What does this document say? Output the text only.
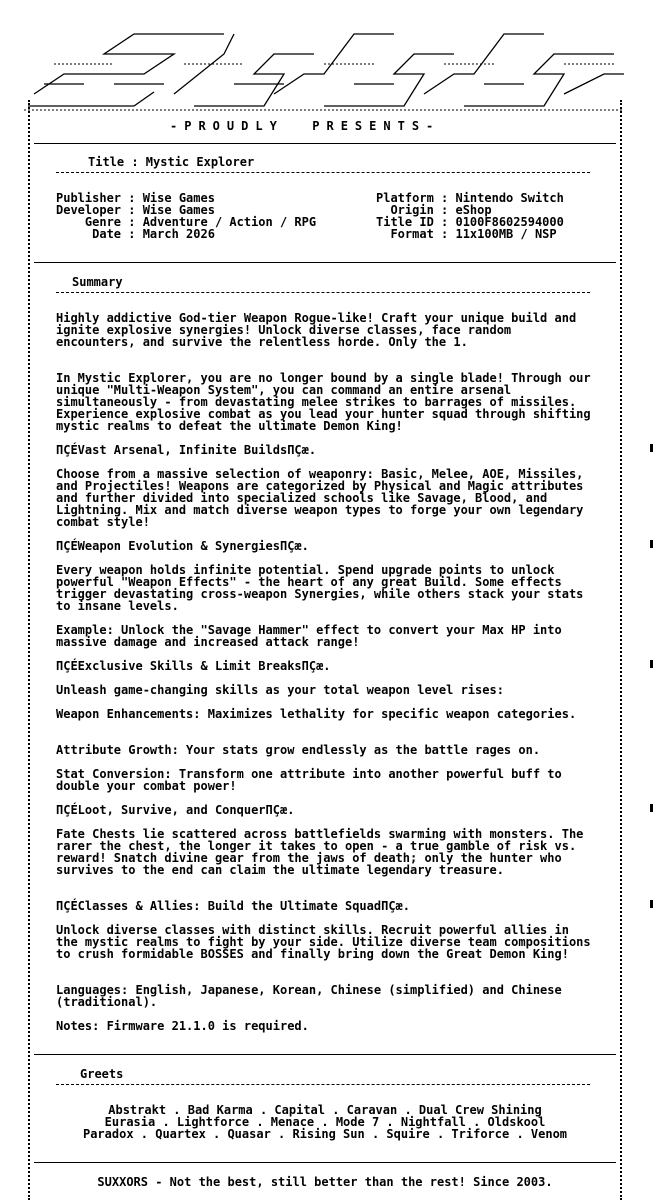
-PROUDLY  PRESENTS-
Title : Mystic Explorer
Publisher : Wise Games
Developer : Wise Games
Genre : Adventure / Action / RPG
Date : March 2026
Platform : Nintendo Switch
Origin : eShop
Title ID : 0100F8602594000
Format : 11x100MB / NSP
Summary
Highly addictive God-tier Weapon Rogue-like! Craft your unique build and ignite explosive synergies! Unlock diverse classes, face random encounters, and survive the relentless horde. Only the 1.
In Mystic Explorer, you are no longer bound by a single blade! Through our unique "Multi-Weapon System", you can command an entire arsenal simultaneously - from devastating melee strikes to barrages of missiles. Experience explosive combat as you lead your hunter squad through shifting mystic realms to defeat the ultimate Demon King!
ΠÇÉVast Arsenal, Infinite BuildsΠÇæ.
Choose from a massive selection of weaponry: Basic, Melee, AOE, Missiles, and Projectiles! Weapons are categorized by Physical and Magic attributes and further divided into specialized schools like Savage, Blood, and Lightning. Mix and match diverse weapon types to forge your own legendary combat style!
ΠÇÉWeapon Evolution & SynergiesΠÇæ.
Every weapon holds infinite potential. Spend upgrade points to unlock powerful "Weapon Effects" - the heart of any great Build. Some effects trigger devastating cross-weapon Synergies, while others stack your stats to insane levels.
Example: Unlock the "Savage Hammer" effect to convert your Max HP into massive damage and increased attack range!
ΠÇÉExclusive Skills & Limit BreaksΠÇæ.
Unleash game-changing skills as your total weapon level rises:
Weapon Enhancements: Maximizes lethality for specific weapon categories.
Attribute Growth: Your stats grow endlessly as the battle rages on.
Stat Conversion: Transform one attribute into another powerful buff to double your combat power!
ΠÇÉLoot, Survive, and ConquerΠÇæ.
Fate Chests lie scattered across battlefields swarming with monsters. The rarer the chest, the longer it takes to open - a true gamble of risk vs. reward! Snatch divine gear from the jaws of death; only the hunter who survives to the end can claim the ultimate legendary treasure.
ΠÇÉClasses & Allies: Build the Ultimate SquadΠÇæ.
Unlock diverse classes with distinct skills. Recruit powerful allies in the mystic realms to fight by your side. Utilize diverse team compositions to crush formidable BOSSES and finally bring down the Great Demon King!
Languages: English, Japanese, Korean, Chinese (simplified) and Chinese (traditional).
Notes: Firmware 21.1.0 is required.
Greets
Abstrakt . Bad Karma . Capital . Caravan . Dual Crew Shining
Eurasia . Lightforce . Menace . Mode 7 . Nightfall . Oldskool
Paradox . Quartex . Quasar . Rising Sun . Squire . Triforce . Venom
SUXXORS - Not the best, still better than the rest! Since 2003.
